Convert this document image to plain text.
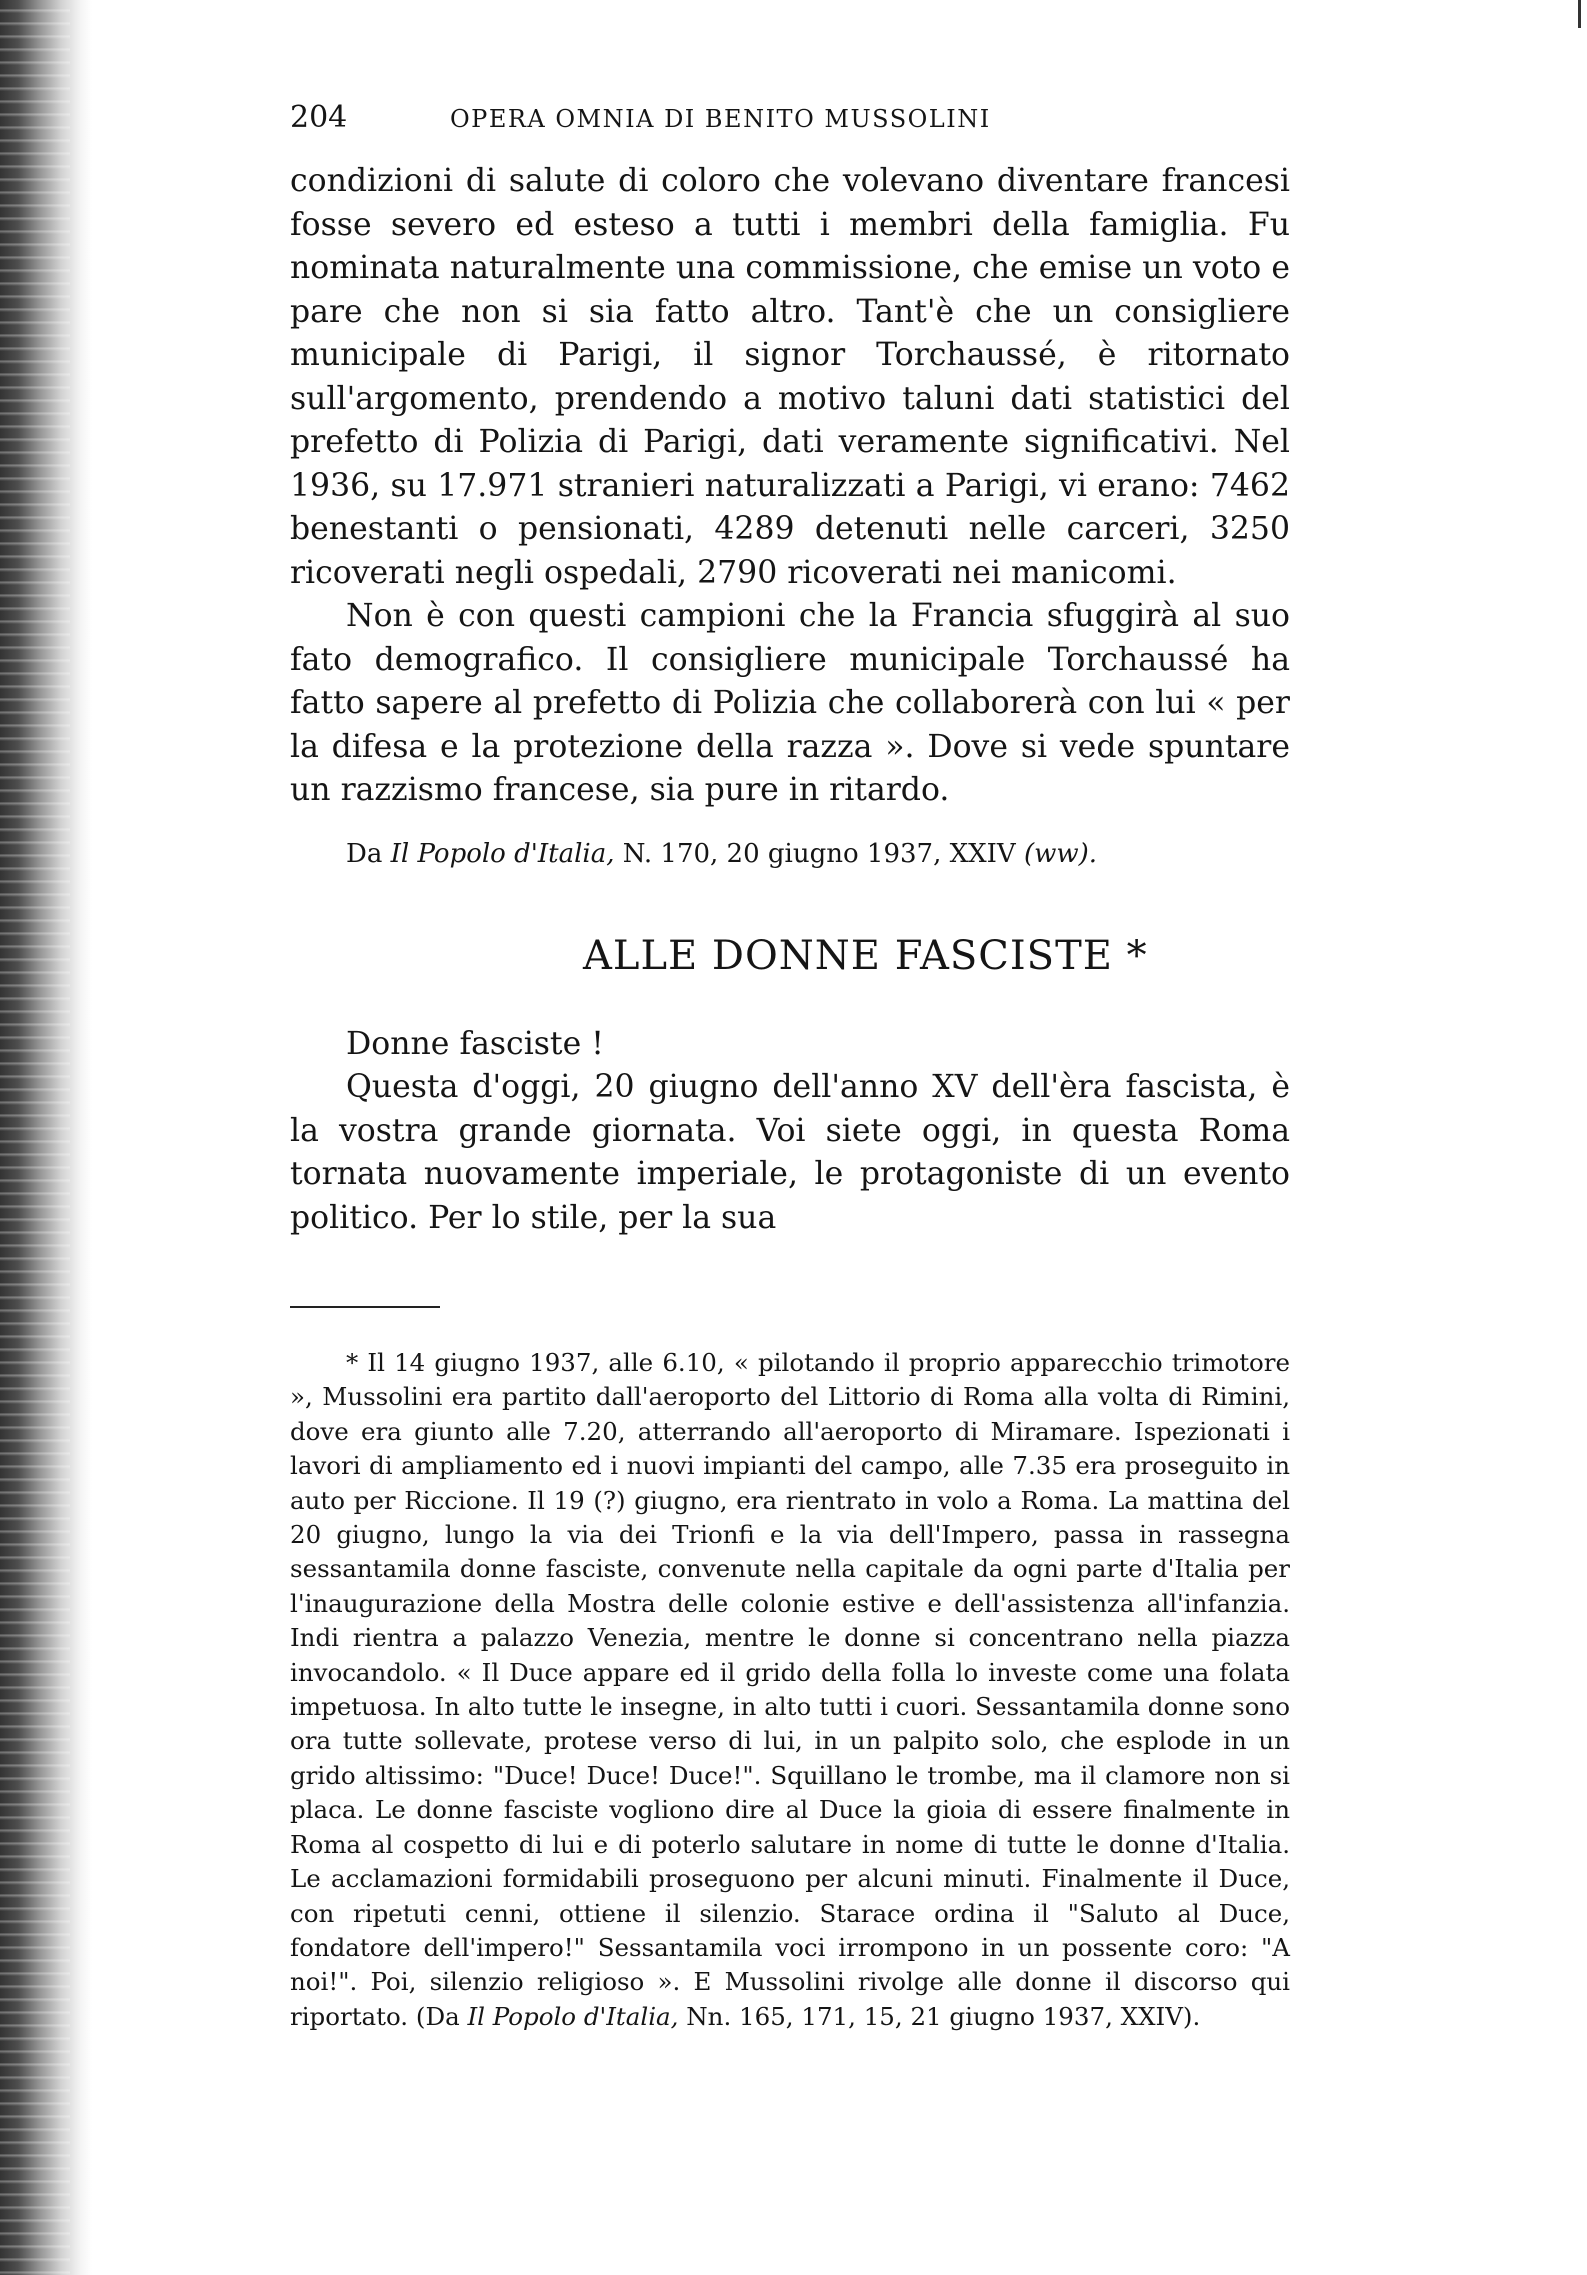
204	OPERA OMNIA DI BENITO MUSSOLINI

condizioni di salute di coloro che volevano diventare francesi fosse severo ed esteso a tutti i membri della famiglia. Fu nominata naturalmente una commissione, che emise un voto e pare che non si sia fatto altro. Tant'è che un consigliere municipale di Parigi, il signor Torchaussé, è ritornato sull'argomento, prendendo a motivo taluni dati statistici del prefetto di Polizia di Parigi, dati veramente significativi. Nel 1936, su 17.971 stranieri naturalizzati a Parigi, vi erano: 7462 benestanti o pensionati, 4289 detenuti nelle carceri, 3250 ricoverati negli ospedali, 2790 ricoverati nei manicomi.

Non è con questi campioni che la Francia sfuggirà al suo fato demografico. Il consigliere municipale Torchaussé ha fatto sapere al prefetto di Polizia che collaborerà con lui « per la difesa e la protezione della razza ». Dove si vede spuntare un razzismo francese, sia pure in ritardo.

Da Il Popolo d'Italia, N. 170, 20 giugno 1937, XXIV (ww).
ALLE DONNE FASCISTE *

Donne fasciste !

Questa d'oggi, 20 giugno dell'anno XV dell'èra fascista, è la vostra grande giornata. Voi siete oggi, in questa Roma tornata nuovamente imperiale, le protagoniste di un evento politico. Per lo stile, per la sua

* Il 14 giugno 1937, alle 6.10, « pilotando il proprio apparecchio trimotore », Mussolini era partito dall'aeroporto del Littorio di Roma alla volta di Rimini, dove era giunto alle 7.20, atterrando all'aeroporto di Miramare. Ispezionati i lavori di ampliamento ed i nuovi impianti del campo, alle 7.35 era proseguito in auto per Riccione. Il 19 (?) giugno, era rientrato in volo a Roma. La mattina del 20 giugno, lungo la via dei Trionfi e la via dell'Impero, passa in rassegna sessantamila donne fasciste, convenute nella capitale da ogni parte d'Italia per l'inaugurazione della Mostra delle colonie estive e dell'assistenza all'infanzia. Indi rientra a palazzo Venezia, mentre le donne si concentrano nella piazza invocandolo. « Il Duce appare ed il grido della folla lo investe come una folata impetuosa. In alto tutte le insegne, in alto tutti i cuori. Sessantamila donne sono ora tutte sollevate, protese verso di lui, in un palpito solo, che esplode in un grido altissimo: "Duce! Duce! Duce!". Squillano le trombe, ma il clamore non si placa. Le donne fasciste vogliono dire al Duce la gioia di essere finalmente in Roma al cospetto di lui e di poterlo salutare in nome di tutte le donne d'Italia. Le acclamazioni formidabili proseguono per alcuni minuti. Finalmente il Duce, con ripetuti cenni, ottiene il silenzio. Starace ordina il "Saluto al Duce, fondatore dell'impero!" Sessantamila voci irrompono in un possente coro: "A noi!". Poi, silenzio religioso ». E Mussolini rivolge alle donne il discorso qui riportato. (Da Il Popolo d'Italia, Nn. 165, 171, 15, 21 giugno 1937, XXIV).
